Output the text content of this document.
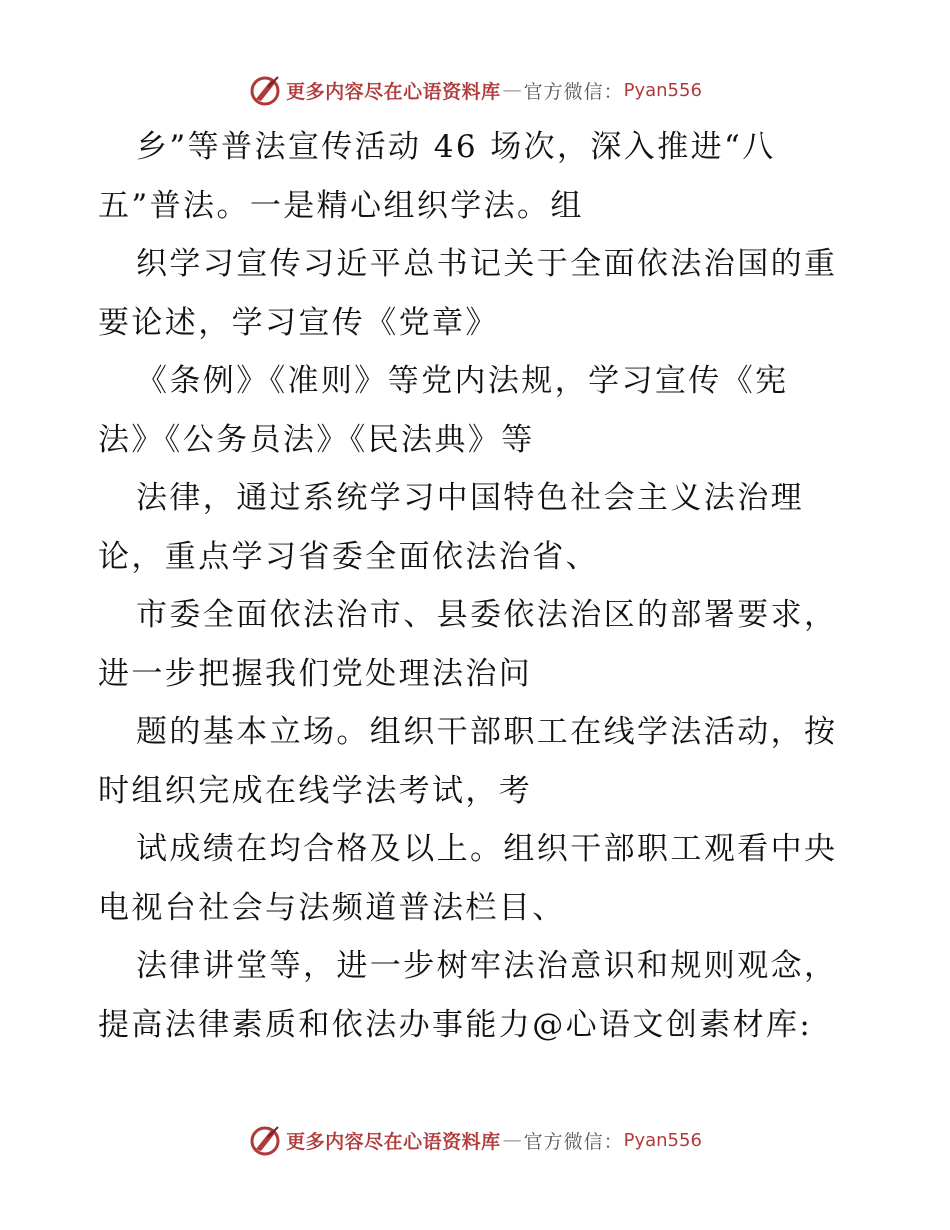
更多内容尽在心语资料库 — 官方微信： Pyan556
乡”等普法宣传活动 46 场次，深入推进“八
五”普法。一是精心组织学法。组
织学习宣传习近平总书记关于全面依法治国的重
要论述，学习宣传《党章》
《条例》《准则》等党内法规，学习宣传《宪
法》《公务员法》《民法典》等
法律，通过系统学习中国特色社会主义法治理
论，重点学习省委全面依法治省、
市委全面依法治市、县委依法治区的部署要求，
进一步把握我们党处理法治问
题的基本立场。组织干部职工在线学法活动，按
时组织完成在线学法考试，考
试成绩在均合格及以上。组织干部职工观看中央
电视台社会与法频道普法栏目、
法律讲堂等，进一步树牢法治意识和规则观念，
提高法律素质和依法办事能力@心语文创素材库:
更多内容尽在心语资料库 — 官方微信： Pyan556
